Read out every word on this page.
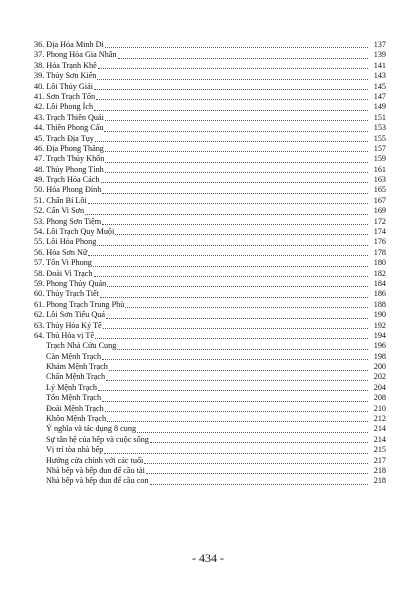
36. Địa Hỏa Minh Di	137
37. Phong Hỏa Gia Nhân	139
38. Hỏa Trạnh Khê	141
39. Thủy Sơn Kiển	143
40. Lôi Thủy Giải	145
41. Sơn Trạch Tổn	147
42. Lôi Phong Ích	149
43. Trạch Thiên Quải	151
44. Thiên Phong Cấu	153
45. Trạch Địa Tụy	155
46. Địa Phong Thăng	157
47. Trạch Thủy Khốn	159
48. Thủy Phong Tỉnh	161
49. Trạch Hỏa Cách	163
50. Hỏa Phong Đỉnh	165
51. Chấn Bí Lôi	167
52. Cấn Vi Sơn	169
53. Phong Sơn Tiệm	172
54. Lôi Trạch Quy Muội	174
55. Lôi Hỏa Phong	176
56. Hỏa Sơn Nữ	178
57. Tốn Vi Phong	180
58. Đoài Vi Trạch	182
59. Phong Thủy Quán	184
60. Thủy Trạch Tiết	186
61. Phong Trạch Trung Phù	188
62. Lôi Sơn Tiểu Quá	190
63. Thủy Hỏa Ký Tế	192
64. Thủ Hỏa vị Tế	194
Trạch Nhà Cửu Cung	196
Càn Mệnh Trạch	198
Khảm Mệnh Trạch	200
Chấn Mệnh Trạch	202
Lý Mệnh Trạch	204
Tốn Mệnh Trạch	208
Đoài Mệnh Trạch	210
Khôn Mệnh Trạch	212
Ý nghĩa và tác dụng 8 cung	214
Sự tân hệ của bếp và cuộc sống	214
Vị trí tòa nhà bếp	215
Hướng cửa chính với các tuổi	217
Nhà bếp và bếp đun để cầu tài	218
Nhà bếp và bếp đun để cầu con	218
- 434 -
